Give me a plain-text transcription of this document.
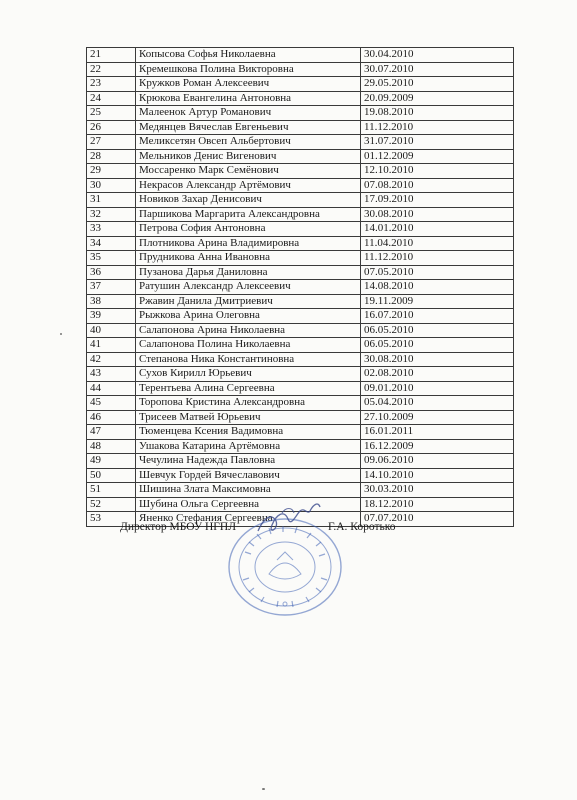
21	Копысова Софья Николаевна	30.04.2010
22	Кремешкова Полина Викторовна	30.07.2010
23	Кружков Роман Алексеевич	29.05.2010
24	Крюкова Евангелина Антоновна	20.09.2009
25	Малеенок Артур Романович	19.08.2010
26	Медянцев Вячеслав Евгеньевич	11.12.2010
27	Меликсетян Овсеп Альбертович	31.07.2010
28	Мельников Денис Вигенович	01.12.2009
29	Моссаренко Марк Семёнович	12.10.2010
30	Некрасов Александр Артёмович	07.08.2010
31	Новиков Захар Денисович	17.09.2010
32	Паршикова Маргарита Александровна	30.08.2010
33	Петрова София Антоновна	14.01.2010
34	Плотникова Арина Владимировна	11.04.2010
35	Прудникова Анна Ивановна	11.12.2010
36	Пузанова Дарья Даниловна	07.05.2010
37	Ратушин Александр Алексеевич	14.08.2010
38	Ржавин Данила Дмитриевич	19.11.2009
39	Рыжкова Арина Олеговна	16.07.2010
40	Салапонова Арина Николаевна	06.05.2010
41	Салапонова Полина Николаевна	06.05.2010
42	Степанова Ника Константиновна	30.08.2010
43	Сухов Кирилл Юрьевич	02.08.2010
44	Терентьева Алина Сергеевна	09.01.2010
45	Торопова Кристина Александровна	05.04.2010
46	Трисеев Матвей Юрьевич	27.10.2009
47	Тюменцева Ксения Вадимовна	16.01.2011
48	Ушакова Катарина Артёмовна	16.12.2009
49	Чечулина Надежда Павловна	09.06.2010
50	Шевчук Гордей Вячеславович	14.10.2010
51	Шишина Злата Максимовна	30.03.2010
52	Шубина Ольга Сергеевна	18.12.2010
53	Яненко Стефания Сергеевна	07.07.2010
Директор МБОУ НГПЛ	Г.А. Коротько
